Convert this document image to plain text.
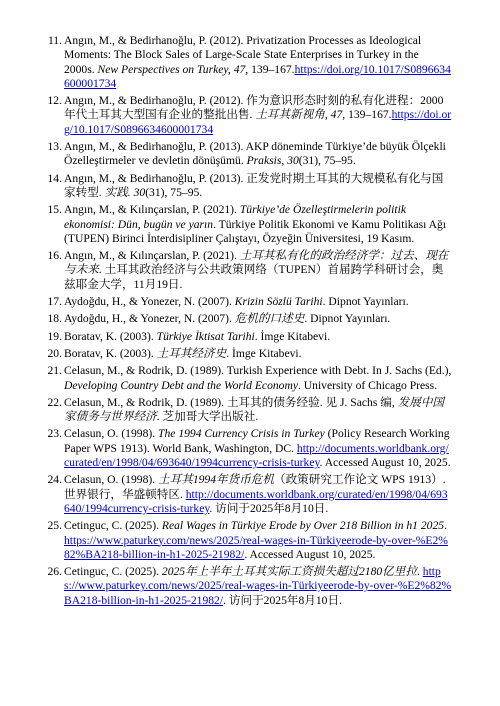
11. Angın, M., & Bedirhanoğlu, P. (2012). Privatization Processes as Ideological Moments: The Block Sales of Large-Scale State Enterprises in Turkey in the 2000s. New Perspectives on Turkey, 47, 139–167.https://doi.org/10.1017/S0896634600001734
12. Angın, M., & Bedirhanoğlu, P. (2012). 作为意识形态时刻的私有化进程：2000年代土耳其大型国有企业的整批出售. 土耳其新视角, 47, 139–167.https://doi.org/10.1017/S0896634600001734
13. Angın, M., & Bedirhanoğlu, P. (2013). AKP döneminde Türkiye’de büyük Ölçekli Özelleştirmeler ve devletin dönüşümü. Praksis, 30(31), 75–95.
14. Angın, M., & Bedirhanoğlu, P. (2013). 正发党时期土耳其的大规模私有化与国家转型. 实践. 30(31), 75–95.
15. Angın, M., & Kılınçarslan, P. (2021). Türkiye’de Özelleştirmelerin politik ekonomisi: Dün, bugün ve yarın. Türkiye Politik Ekonomi ve Kamu Politikası Ağı (TUPEN) Birinci İnterdisipliner Çalıştayı, Özyeğin Üniversitesi, 19 Kasım.
16. Angın, M., & Kılınçarslan, P. (2021). 土耳其私有化的政治经济学：过去、现在与未来. 土耳其政治经济与公共政策网络（TUPEN）首届跨学科研讨会，奥兹耶金大学，11月19日.
17. Aydoğdu, H., & Yonezer, N. (2007). Krizin Sözlü Tarihi. Dipnot Yayınları.
18. Aydoğdu, H., & Yonezer, N. (2007). 危机的口述史. Dipnot Yayınları.
19. Boratav, K. (2003). Türkiye İktisat Tarihi. İmge Kitabevi.
20. Boratav, K. (2003). 土耳其经济史. İmge Kitabevi.
21. Celasun, M., & Rodrik, D. (1989). Turkish Experience with Debt. In J. Sachs (Ed.), Developing Country Debt and the World Economy. University of Chicago Press.
22. Celasun, M., & Rodrik, D. (1989). 土耳其的债务经验. 见 J. Sachs 编, 发展中国家债务与世界经济. 芝加哥大学出版社.
23. Celasun, O. (1998). The 1994 Currency Crisis in Turkey (Policy Research Working Paper WPS 1913). World Bank, Washington, DC. http://documents.worldbank.org/curated/en/1998/04/693640/1994currency-crisis-turkey. Accessed August 10, 2025.
24. Celasun, O. (1998). 土耳其1994年货币危机（政策研究工作论文 WPS 1913）. 世界银行，华盛顿特区. http://documents.worldbank.org/curated/en/1998/04/693640/1994currency-crisis-turkey. 访问于2025年8月10日.
25. Cetinguc, C. (2025). Real Wages in Türkiye Erode by Over 218 Billion in h1 2025. https://www.paturkey.com/news/2025/real-wages-in-Türkiyeerode-by-over-%E2%82%BA218-billion-in-h1-2025-21982/. Accessed August 10, 2025.
26. Cetinguc, C. (2025). 2025年上半年土耳其实际工资损失超过2180亿里拉. https://www.paturkey.com/news/2025/real-wages-in-Türkiyeerode-by-over-%E2%82%BA218-billion-in-h1-2025-21982/. 访问于2025年8月10日.
